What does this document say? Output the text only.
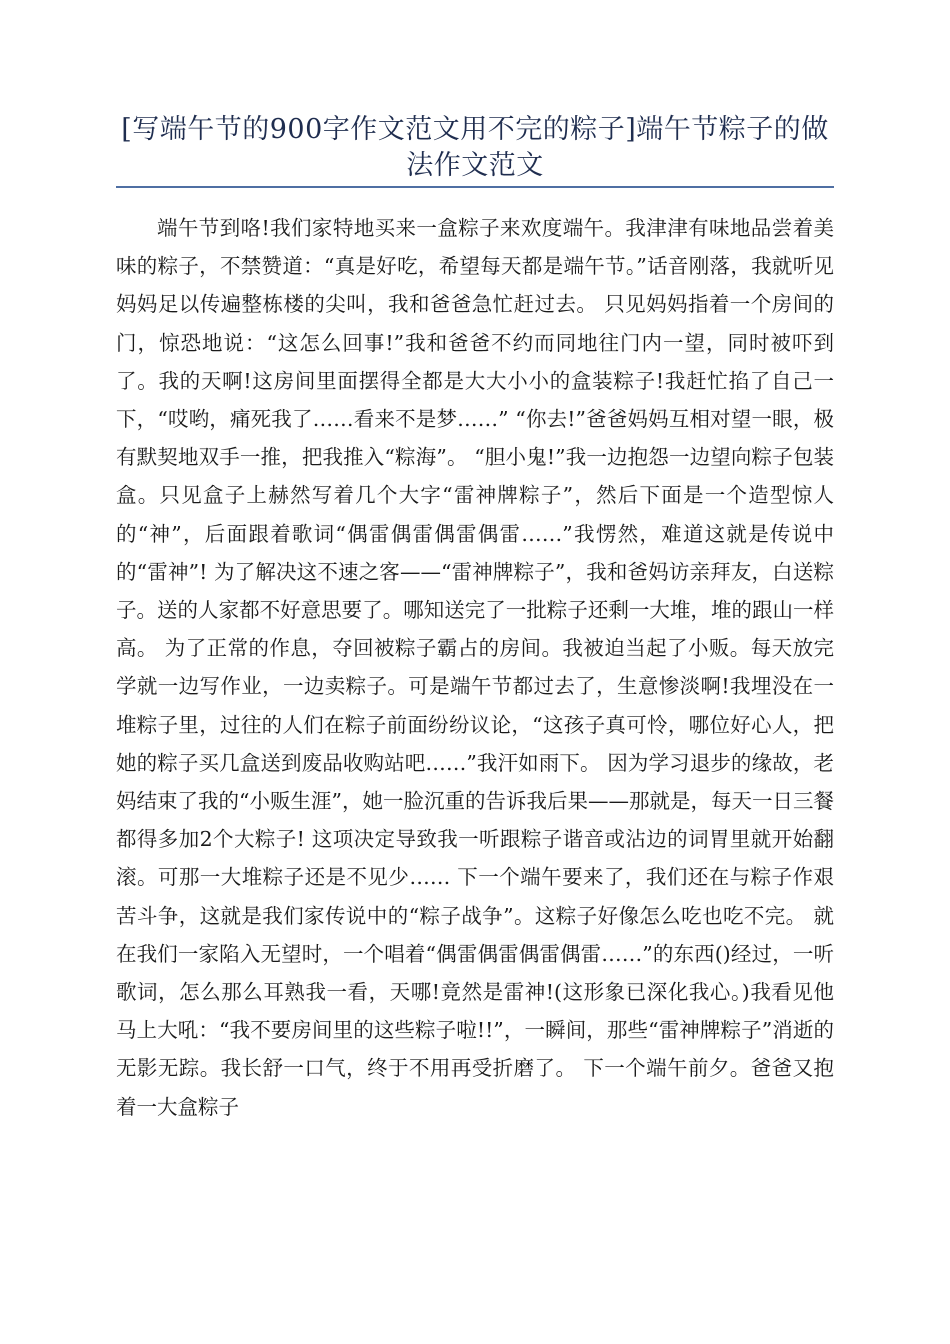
[写端午节的900字作文范文用不完的粽子]端午节粽子的做法作文范文

端午节到咯!我们家特地买来一盒粽子来欢度端午。我津津有味地品尝着美味的粽子，不禁赞道：“真是好吃，希望每天都是端午节。”话音刚落，我就听见妈妈足以传遍整栋楼的尖叫，我和爸爸急忙赶过去。 只见妈妈指着一个房间的门，惊恐地说：“这怎么回事!”我和爸爸不约而同地往门内一望，同时被吓到了。我的天啊!这房间里面摆得全都是大大小小的盒装粽子!我赶忙掐了自己一下，“哎哟，痛死我了……看来不是梦……” “你去!”爸爸妈妈互相对望一眼，极有默契地双手一推，把我推入“粽海”。 “胆小鬼!”我一边抱怨一边望向粽子包装盒。只见盒子上赫然写着几个大字“雷神牌粽子”，然后下面是一个造型惊人的“神”，后面跟着歌词“偶雷偶雷偶雷偶雷……”我愣然，难道这就是传说中的“雷神”! 为了解决这不速之客——“雷神牌粽子”，我和爸妈访亲拜友，白送粽子。送的人家都不好意思要了。哪知送完了一批粽子还剩一大堆，堆的跟山一样高。 为了正常的作息，夺回被粽子霸占的房间。我被迫当起了小贩。每天放完学就一边写作业，一边卖粽子。可是端午节都过去了，生意惨淡啊!我埋没在一堆粽子里，过往的人们在粽子前面纷纷议论，“这孩子真可怜，哪位好心人，把她的粽子买几盒送到废品收购站吧……”我汗如雨下。 因为学习退步的缘故，老妈结束了我的“小贩生涯”，她一脸沉重的告诉我后果——那就是，每天一日三餐都得多加2个大粽子! 这项决定导致我一听跟粽子谐音或沾边的词胃里就开始翻滚。可那一大堆粽子还是不见少…… 下一个端午要来了，我们还在与粽子作艰苦斗争，这就是我们家传说中的“粽子战争”。这粽子好像怎么吃也吃不完。 就在我们一家陷入无望时，一个唱着“偶雷偶雷偶雷偶雷……”的东西()经过，一听歌词，怎么那么耳熟我一看，天哪!竟然是雷神!(这形象已深化我心。)我看见他马上大吼：“我不要房间里的这些粽子啦!!”，一瞬间，那些“雷神牌粽子”消逝的无影无踪。我长舒一口气，终于不用再受折磨了。 下一个端午前夕。爸爸又抱着一大盒粽子
